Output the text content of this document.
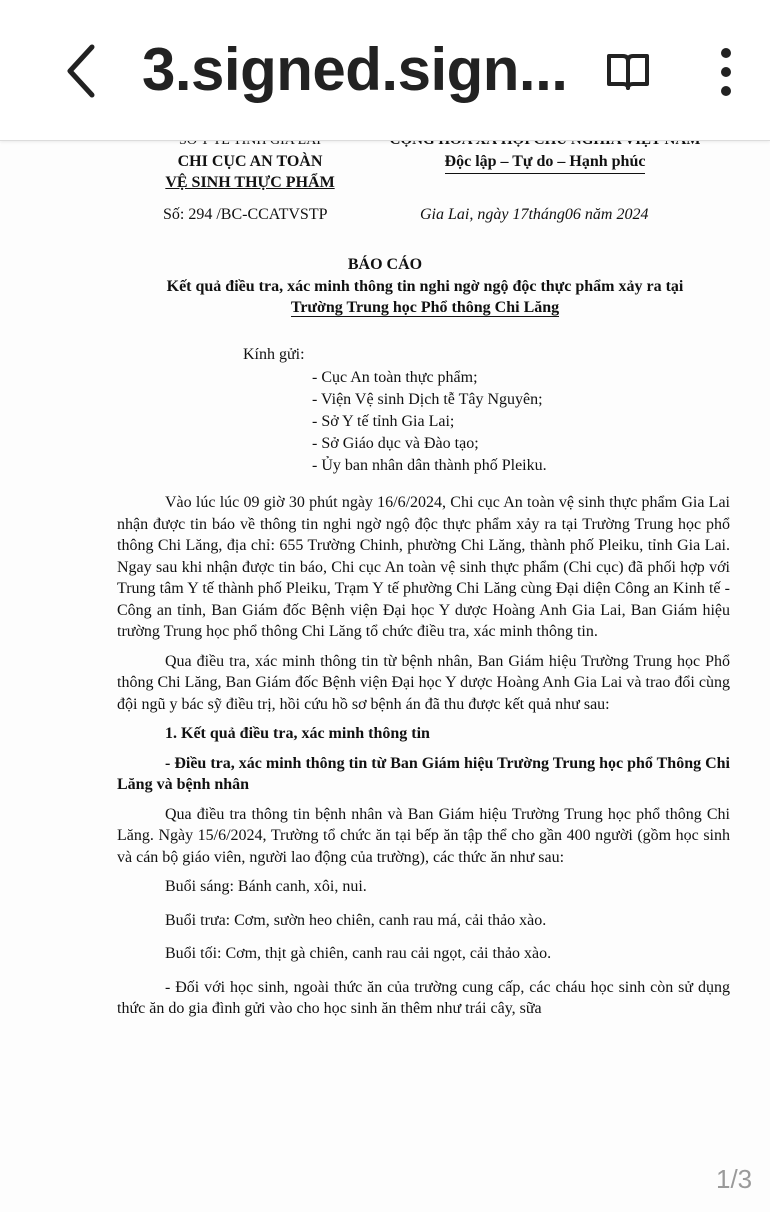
3.signed.sign...
CHI CỤC AN TOÀN
VỆ SINH THỰC PHẨM
Độc lập – Tự do – Hạnh phúc
Số: 294 /BC-CCATVSTP	Gia Lai, ngày 17tháng06 năm 2024
BÁO CÁO
Kết quả điều tra, xác minh thông tin nghi ngờ ngộ độc thực phẩm xảy ra tại
Trường Trung học Phổ thông Chi Lăng
Kính gửi:
- Cục An toàn thực phẩm;
- Viện Vệ sinh Dịch tễ Tây Nguyên;
- Sở Y tế tỉnh Gia Lai;
- Sở Giáo dục và Đào tạo;
- Ủy ban nhân dân thành phố Pleiku.

Vào lúc lúc 09 giờ 30 phút ngày 16/6/2024, Chi cục An toàn vệ sinh thực phẩm Gia Lai nhận được tin báo về thông tin nghi ngờ ngộ độc thực phẩm xảy ra tại Trường Trung học phổ thông Chi Lăng, địa chỉ: 655 Trường Chinh, phường Chi Lăng, thành phố Pleiku, tỉnh Gia Lai. Ngay sau khi nhận được tin báo, Chi cục An toàn vệ sinh thực phẩm (Chi cục) đã phối hợp với Trung tâm Y tế thành phố Pleiku, Trạm Y tế phường Chi Lăng cùng Đại diện Công an Kinh tế - Công an tỉnh, Ban Giám đốc Bệnh viện Đại học Y dược Hoàng Anh Gia Lai, Ban Giám hiệu trường Trung học phổ thông Chi Lăng tổ chức điều tra, xác minh thông tin.

Qua điều tra, xác minh thông tin từ bệnh nhân, Ban Giám hiệu Trường Trung học Phổ thông Chi Lăng, Ban Giám đốc Bệnh viện Đại học Y dược Hoàng Anh Gia Lai và trao đổi cùng đội ngũ y bác sỹ điều trị, hồi cứu hồ sơ bệnh án đã thu được kết quả như sau:

1. Kết quả điều tra, xác minh thông tin
- Điều tra, xác minh thông tin từ Ban Giám hiệu Trường Trung học phổ Thông Chi Lăng và bệnh nhân

Qua điều tra thông tin bệnh nhân và Ban Giám hiệu Trường Trung học phổ thông Chi Lăng. Ngày 15/6/2024, Trường tổ chức ăn tại bếp ăn tập thể cho gần 400 người (gồm học sinh và cán bộ giáo viên, người lao động của trường), các thức ăn như sau:

Buổi sáng: Bánh canh, xôi, nui.
Buổi trưa: Cơm, sườn heo chiên, canh rau má, cải thảo xào.
Buổi tối: Cơm, thịt gà chiên, canh rau cải ngọt, cải thảo xào.

- Đối với học sinh, ngoài thức ăn của trường cung cấp, các cháu học sinh còn sử dụng thức ăn do gia đình gửi vào cho học sinh ăn thêm như trái cây, sữa

1/3
